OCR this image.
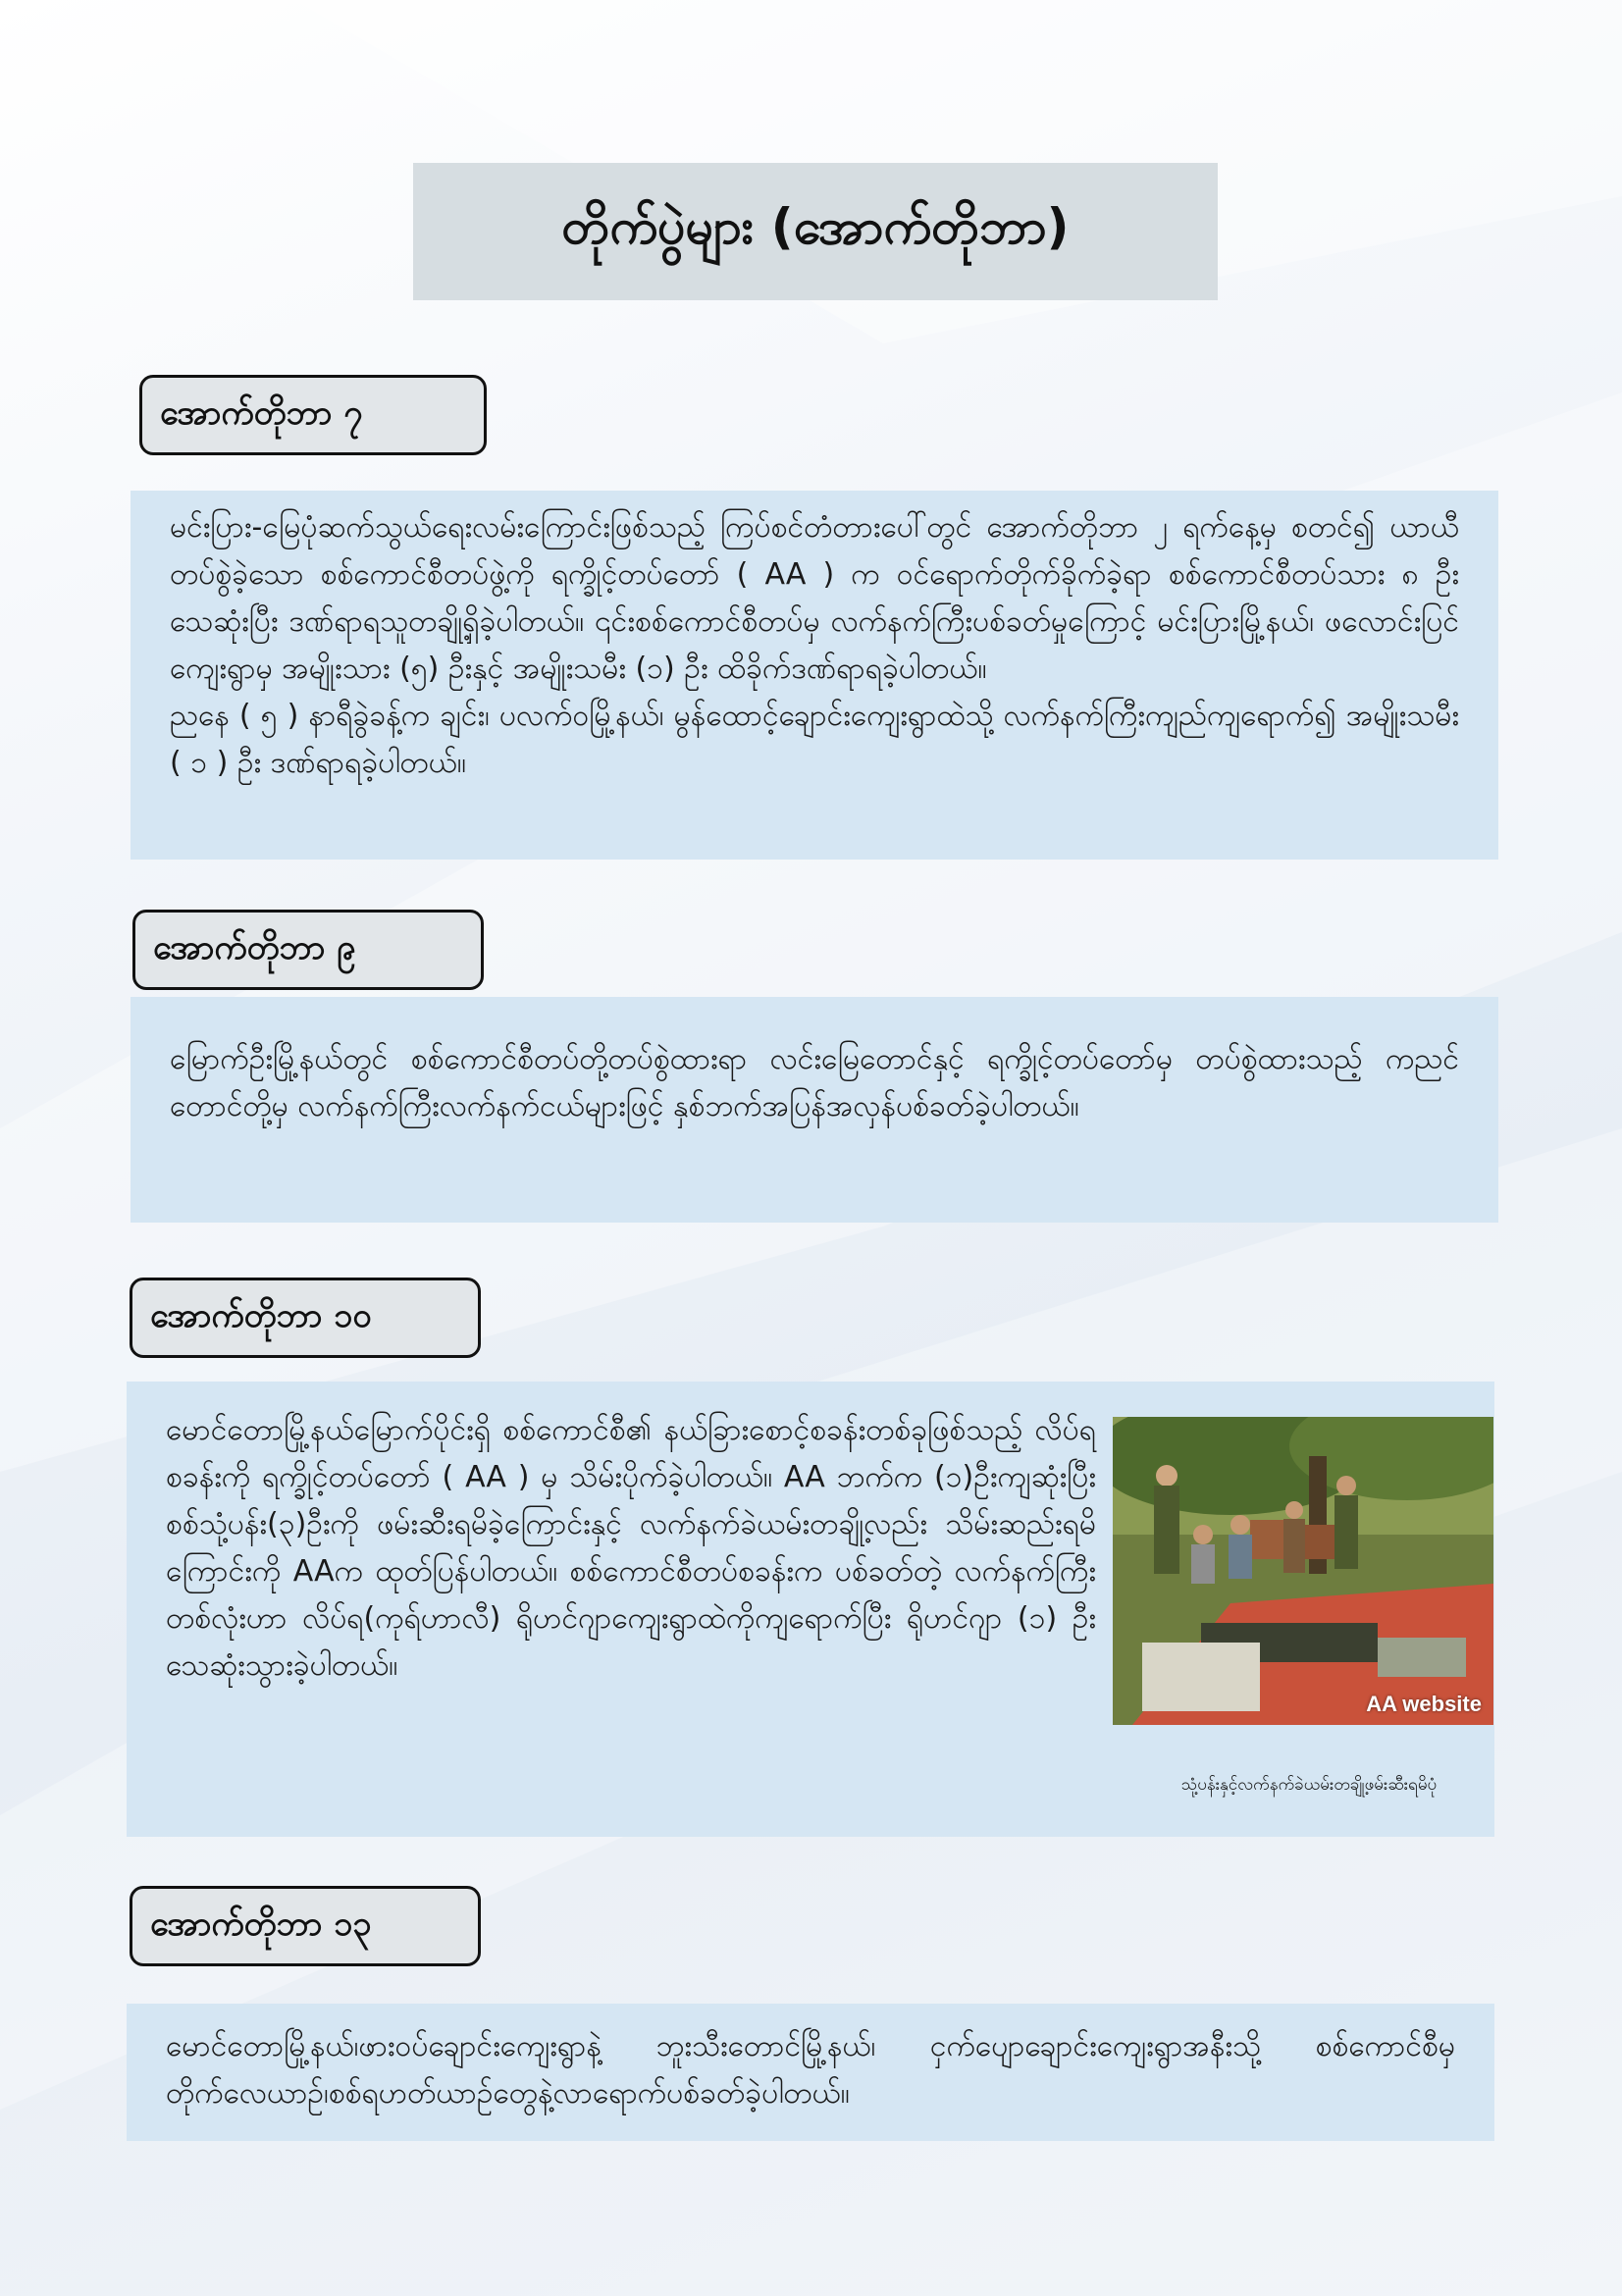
တိုက်ပွဲများ (အောက်တိုဘာ)
အောက်တိုဘာ ၇

မင်းပြား-မြေပုံဆက်သွယ်ရေးလမ်းကြောင်းဖြစ်သည့် ကြပ်စင်တံတားပေါ်တွင် အောက်တိုဘာ ၂ ရက်နေ့မှ စတင်၍ ယာယီတပ်စွဲခဲ့သော စစ်ကောင်စီတပ်ဖွဲ့ကို ရက္ခိုင့်တပ်တော် ( AA ) က ဝင်ရောက်တိုက်ခိုက်ခဲ့ရာ စစ်ကောင်စီတပ်သား ၈ ဦး သေဆုံးပြီး ဒဏ်ရာရသူတချို့ရှိခဲ့ပါတယ်။ ၎င်းစစ်ကောင်စီတပ်မှ လက်နက်ကြီးပစ်ခတ်မှုကြောင့် မင်းပြားမြို့နယ်၊ ဖလောင်းပြင်ကျေးရွာမှ အမျိုးသား (၅) ဦးနှင့် အမျိုးသမီး (၁) ဦး ထိခိုက်ဒဏ်ရာရခဲ့ပါတယ်။

ညနေ ( ၅ ) နာရီခွဲခန့်က ချင်း၊ ပလက်ဝမြို့နယ်၊ မွန်ထောင့်ချောင်းကျေးရွာထဲသို့ လက်နက်ကြီးကျည်ကျရောက်၍ အမျိုးသမီး ( ၁ ) ဦး ဒဏ်ရာရခဲ့ပါတယ်။

အောက်တိုဘာ ၉

မြောက်ဦးမြို့နယ်တွင် စစ်ကောင်စီတပ်တို့တပ်စွဲထားရာ လင်းမြေတောင်နှင့် ရက္ခိုင့်တပ်တော်မှ တပ်စွဲထားသည့် ကညင်တောင်တို့မှ လက်နက်ကြီးလက်နက်ငယ်များဖြင့် နှစ်ဘက်အပြန်အလှန်ပစ်ခတ်ခဲ့ပါတယ်။

အောက်တိုဘာ ၁၀

မောင်တောမြို့နယ်မြောက်ပိုင်းရှိ စစ်ကောင်စီ၏ နယ်ခြားစောင့်စခန်းတစ်ခုဖြစ်သည့် လိပ်ရစခန်းကို ရက္ခိုင့်တပ်တော် ( AA ) မှ သိမ်းပိုက်ခဲ့ပါတယ်။ AA ဘက်က (၁)ဦးကျဆုံးပြီး စစ်သုံ့ပန်း(၃)ဦးကို ဖမ်းဆီးရမိခဲ့ကြောင်းနှင့် လက်နက်ခဲယမ်းတချို့လည်း သိမ်းဆည်းရမိကြောင်းကို AAက ထုတ်ပြန်ပါတယ်။ စစ်ကောင်စီတပ်စခန်းက ပစ်ခတ်တဲ့ လက်နက်ကြီးတစ်လုံးဟာ လိပ်ရ(ကုရ်ဟာလီ) ရိုဟင်ဂျာကျေးရွာထဲကိုကျရောက်ပြီး ရိုဟင်ဂျာ (၁) ဦး သေဆုံးသွားခဲ့ပါတယ်။

AA website
သုံ့ပန်းနှင့်လက်နက်ခဲယမ်းတချို့ဖမ်းဆီးရမိပုံ
အောက်တိုဘာ ၁၃

မောင်တောမြို့နယ်၊ဖားဝပ်ချောင်းကျေးရွာနဲ့ ဘူးသီးတောင်မြို့နယ်၊ ငှက်ပျောချောင်းကျေးရွာအနီးသို့ စစ်ကောင်စီမှ တိုက်လေယာဉ်၊စစ်ရဟတ်ယာဉ်တွေနဲ့လာရောက်ပစ်ခတ်ခဲ့ပါတယ်။
